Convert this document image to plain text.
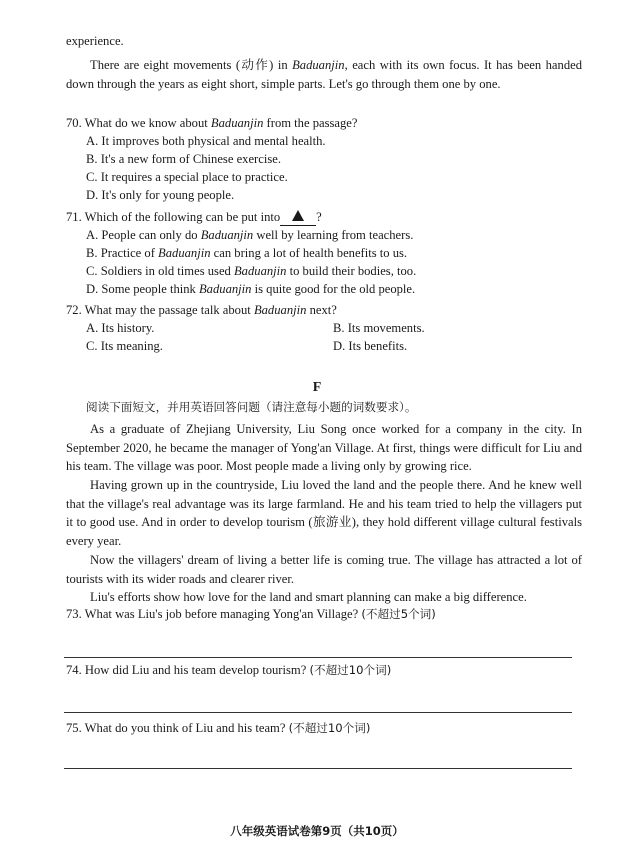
experience.
There are eight movements (动作) in Baduanjin, each with its own focus. It has been handed down through the years as eight short, simple parts. Let's go through them one by one.
70. What do we know about Baduanjin from the passage?
A. It improves both physical and mental health.
B. It's a new form of Chinese exercise.
C. It requires a special place to practice.
D. It's only for young people.
71. Which of the following can be put into	?
A. People can only do Baduanjin well by learning from teachers.
B. Practice of Baduanjin can bring a lot of health benefits to us.
C. Soldiers in old times used Baduanjin to build their bodies, too.
D. Some people think Baduanjin is quite good for the old people.
72. What may the passage talk about Baduanjin next?
A. Its history.	B. Its movements.
C. Its meaning.	D. Its benefits.
F
阅读下面短文，并用英语回答问题（请注意每小题的词数要求）。
As a graduate of Zhejiang University, Liu Song once worked for a company in the city. In September 2020, he became the manager of Yong'an Village. At first, things were difficult for Liu and his team. The village was poor. Most people made a living only by growing rice.
Having grown up in the countryside, Liu loved the land and the people there. And he knew well that the village's real advantage was its large farmland. He and his team tried to help the villagers put it to good use. And in order to develop tourism (旅游业), they hold different village cultural festivals every year.
Now the villagers' dream of living a better life is coming true. The village has attracted a lot of tourists with its wider roads and clearer river.
Liu's efforts show how love for the land and smart planning can make a big difference.
73. What was Liu's job before managing Yong'an Village? (不超过5个词)
74. How did Liu and his team develop tourism? (不超过10个词)
75. What do you think of Liu and his team? (不超过10个词)
八年级英语试卷第9页（共10页）
